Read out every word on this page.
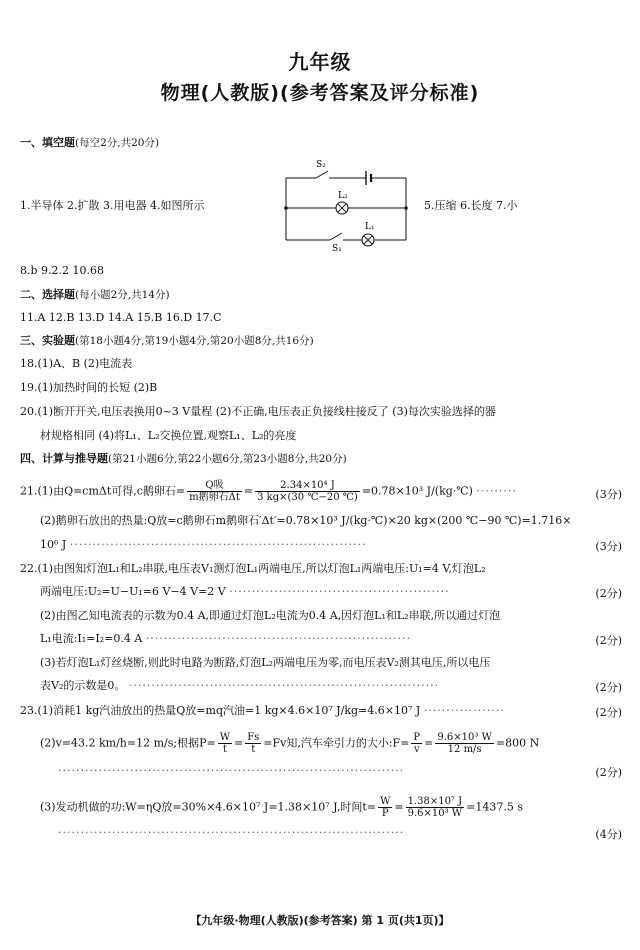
九年级
物理(人教版)(参考答案及评分标准)
一、填空题(每空2分,共20分)
1.半导体 2.扩散 3.用电器 4.如图所示
S₂
L₂
L₁
S₁
5.压缩 6.长度 7.小
8.b 9.2.2 10.68
二、选择题(每小题2分,共14分)
11.A 12.B 13.D 14.A 15.B 16.D 17.C
三、实验题(第18小题4分,第19小题4分,第20小题8分,共16分)
18.(1)A、B (2)电流表
19.(1)加热时间的长短 (2)B
20.(1)断开开关,电压表换用0~3 V量程 (2)不正确,电压表正负接线柱接反了 (3)每次实验选择的器
材规格相同 (4)将L₁、L₂交换位置,观察L₁、L₂的亮度
四、计算与推导题(第21小题6分,第22小题6分,第23小题8分,共20分)
21.(1)由Q=cmΔt可得,c鹅卵石= $\frac{\text{Q吸}}{\text{m鹅卵石Δt}} = \frac{\text{2.34×10⁴ J}}{3 kg\times(30 ℃-20 ℃)} =0.78\times 10^3$ J/(kg·℃) ·········	(3分)
(2)鹅卵石放出的热量:Q放=c鹅卵石m鹅卵石′Δt′=0.78×10³ J/(kg·℃)×20 kg×(200 ℃−90 ℃)=1.716×
10⁶ J ··································································	(3分)
22.(1)由图知灯泡L₁和L₂串联,电压表V₁测灯泡L₁两端电压,所以灯泡L₁两端电压:U₁=4 V,灯泡L₂
两端电压:U₂=U−U₁=6 V−4 V=2 V ·················································	(2分)
(2)由图乙知电流表的示数为0.4 A,即通过灯泡L₂电流为0.4 A,因灯泡L₁和L₂串联,所以通过灯泡
L₁电流:I₁=I₂=0.4 A ···························································	(2分)
(3)若灯泡L₁灯丝烧断,则此时电路为断路,灯泡L₂两端电压为零,而电压表V₂测其电压,所以电压
表V₂的示数是0。 ·····································································	(2分)
23.(1)消耗1 kg汽油放出的热量Q放=mq汽油=1 kg×4.6×10⁷ J/kg=4.6×10⁷ J ··················	(2分)
(2)v=43.2 km/h=12 m/s;根据$P= \frac{W}{t} = \frac{Fs}{t} =Fv$知,汽车牵引力的大小:F= $\frac{P}{v} = \frac{\text{9.6×10³ W}}{12 m/s} =800$ N
·············································································	(2分)
(3)发动机做的功:W=ηQ放=30%×4.6×10⁷ J=1.38×10⁷ J,时间$t= \frac{W}{P} = \frac{\text{1.38×10⁷ J}}{\text{9.6×10³ W}} =1437.5$ s
·············································································	(4分)
【九年级·物理(人教版)(参考答案) 第 1 页(共1页)】
